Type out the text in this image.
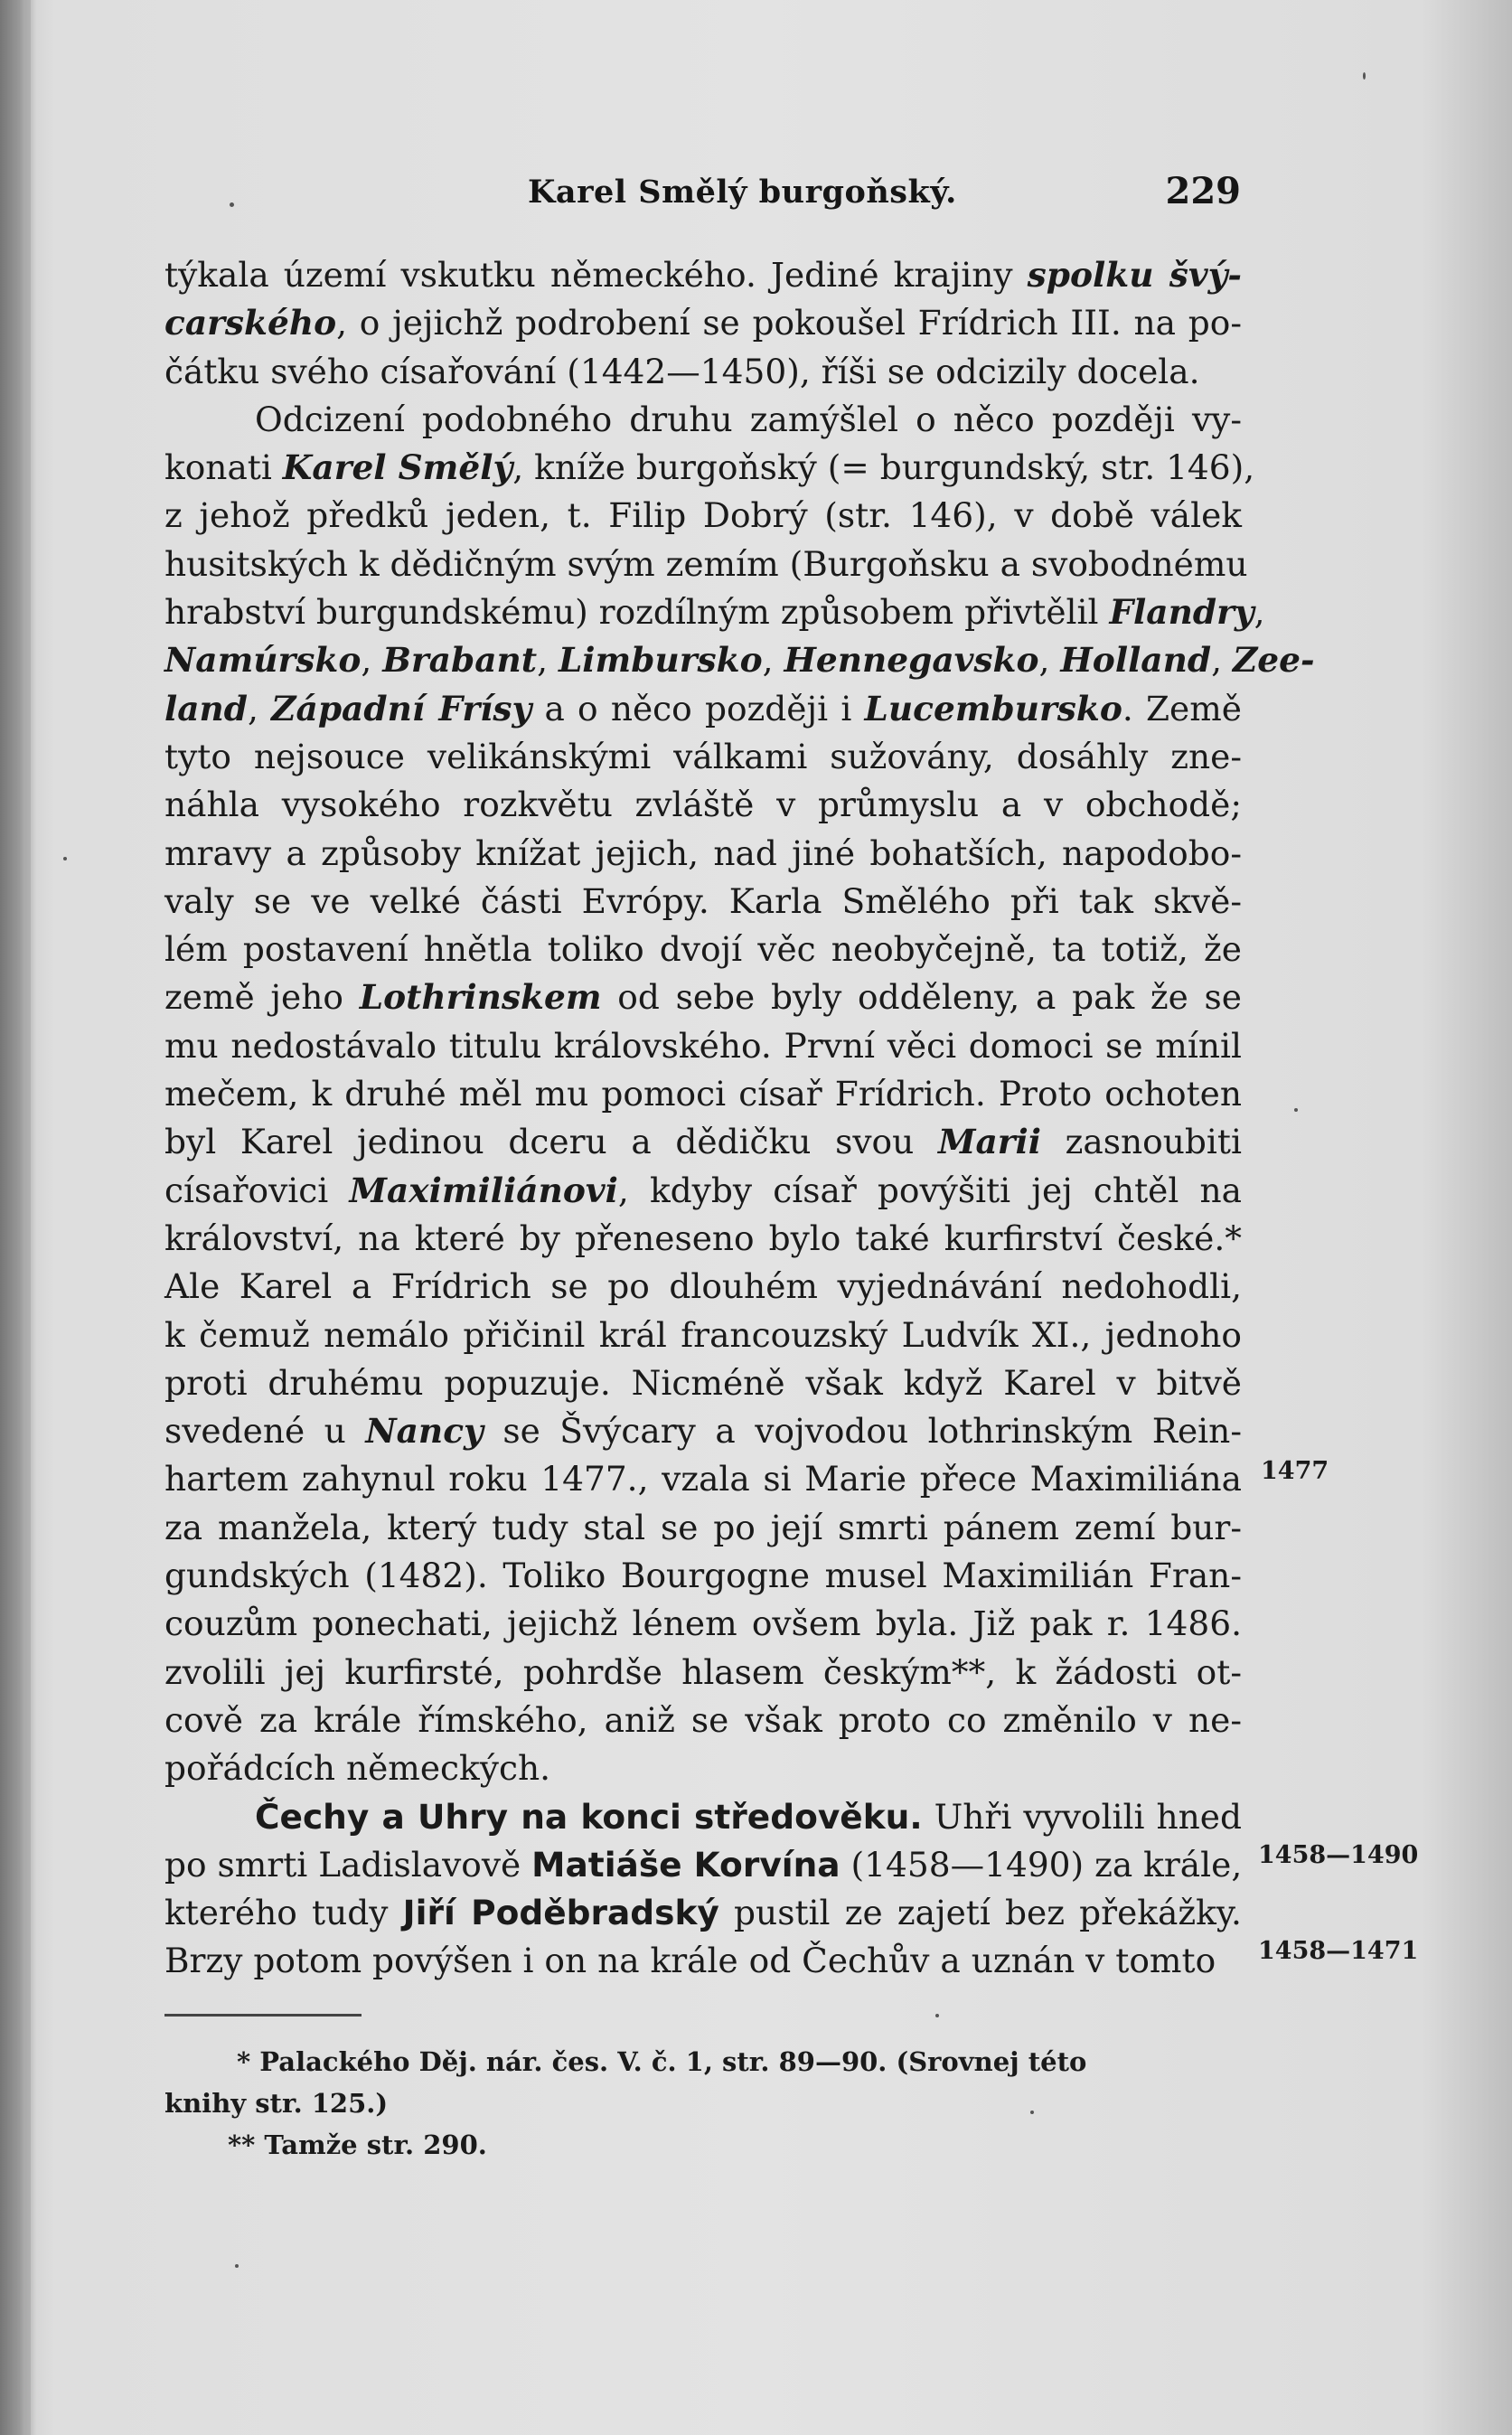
Karel Smělý burgoňský.	229
týkala území vskutku německého. Jediné krajiny spolku švý-
carského, o jejichž podrobení se pokoušel Frídrich III. na po-
čátku svého císařování (1442—1450), říši se odcizily docela.
Odcizení podobného druhu zamýšlel o něco později vy-
konati Karel Smělý, kníže burgoňský (= burgundský, str. 146),
z jehož předků jeden, t. Filip Dobrý (str. 146), v době válek
husitských k dědičným svým zemím (Burgoňsku a svobodnému
hrabství burgundskému) rozdílným způsobem přivtělil Flandry
Namúrsko, Brabant, Limbursko, Hennegavsko, Holland, Zee-
land, Západní Frísy a o něco později i Lucembursko. Země
tyto nejsouce velikánskými válkami sužovány, dosáhly zne-
náhla vysokého rozkvětu zvláště v průmyslu a v obchodě;
mravy a způsoby knížat jejich, nad jiné bohatších, napodobo-
valy se ve velké části Evrópy. Karla Smělého při tak skvě-
lém postavení hnětla toliko dvojí věc neobyčejně, ta totiž, že
země jeho Lothrinskem od sebe byly odděleny, a pak že se
mu nedostávalo titulu královského. První věci domoci se mínil
mečem, k druhé měl mu pomoci císař Frídrich. Proto ochoten
byl Karel jedinou dceru a dědičku svou Marii zasnoubiti
císařovici Maximiliánovi, kdyby císař povýšiti jej chtěl na
království, na které by přeneseno bylo také kurfirství české.*
Ale Karel a Frídrich se po dlouhém vyjednávání nedohodli,
k čemuž nemálo přičinil král francouzský Ludvík XI., jednoho
proti druhému popuzuje. Nicméně však když Karel v bitvě
svedené u Nancy se Švýcary a vojvodou lothrinským Rein-
hartem zahynul roku 1477., vzala si Marie přece Maximiliána
za manžela, který tudy stal se po její smrti pánem zemí bur-
gundských (1482). Toliko Bourgogne musel Maximilián Fran-
couzům ponechati, jejichž lénem ovšem byla. Již pak r. 1486.
zvolili jej kurfirsté, pohrdše hlasem českým**, k žádosti ot-
cově za krále římského, aniž se však proto co změnilo v ne-
pořádcích německých.
Čechy a Uhry na konci středověku. Uhři vyvolili hned
po smrti Ladislavově Matiáše Korvína (1458—1490) za krále,
kterého tudy Jiří Poděbradský pustil ze zajetí bez překážky.
Brzy potom povýšen i on na krále od Čechův a uznán v tomto
1477
1458—1490
1458—1471
* Palackého Děj. nár. čes. V. č. 1, str. 89—90. (Srovnej této
knihy str. 125.)
** Tamže str. 290.
